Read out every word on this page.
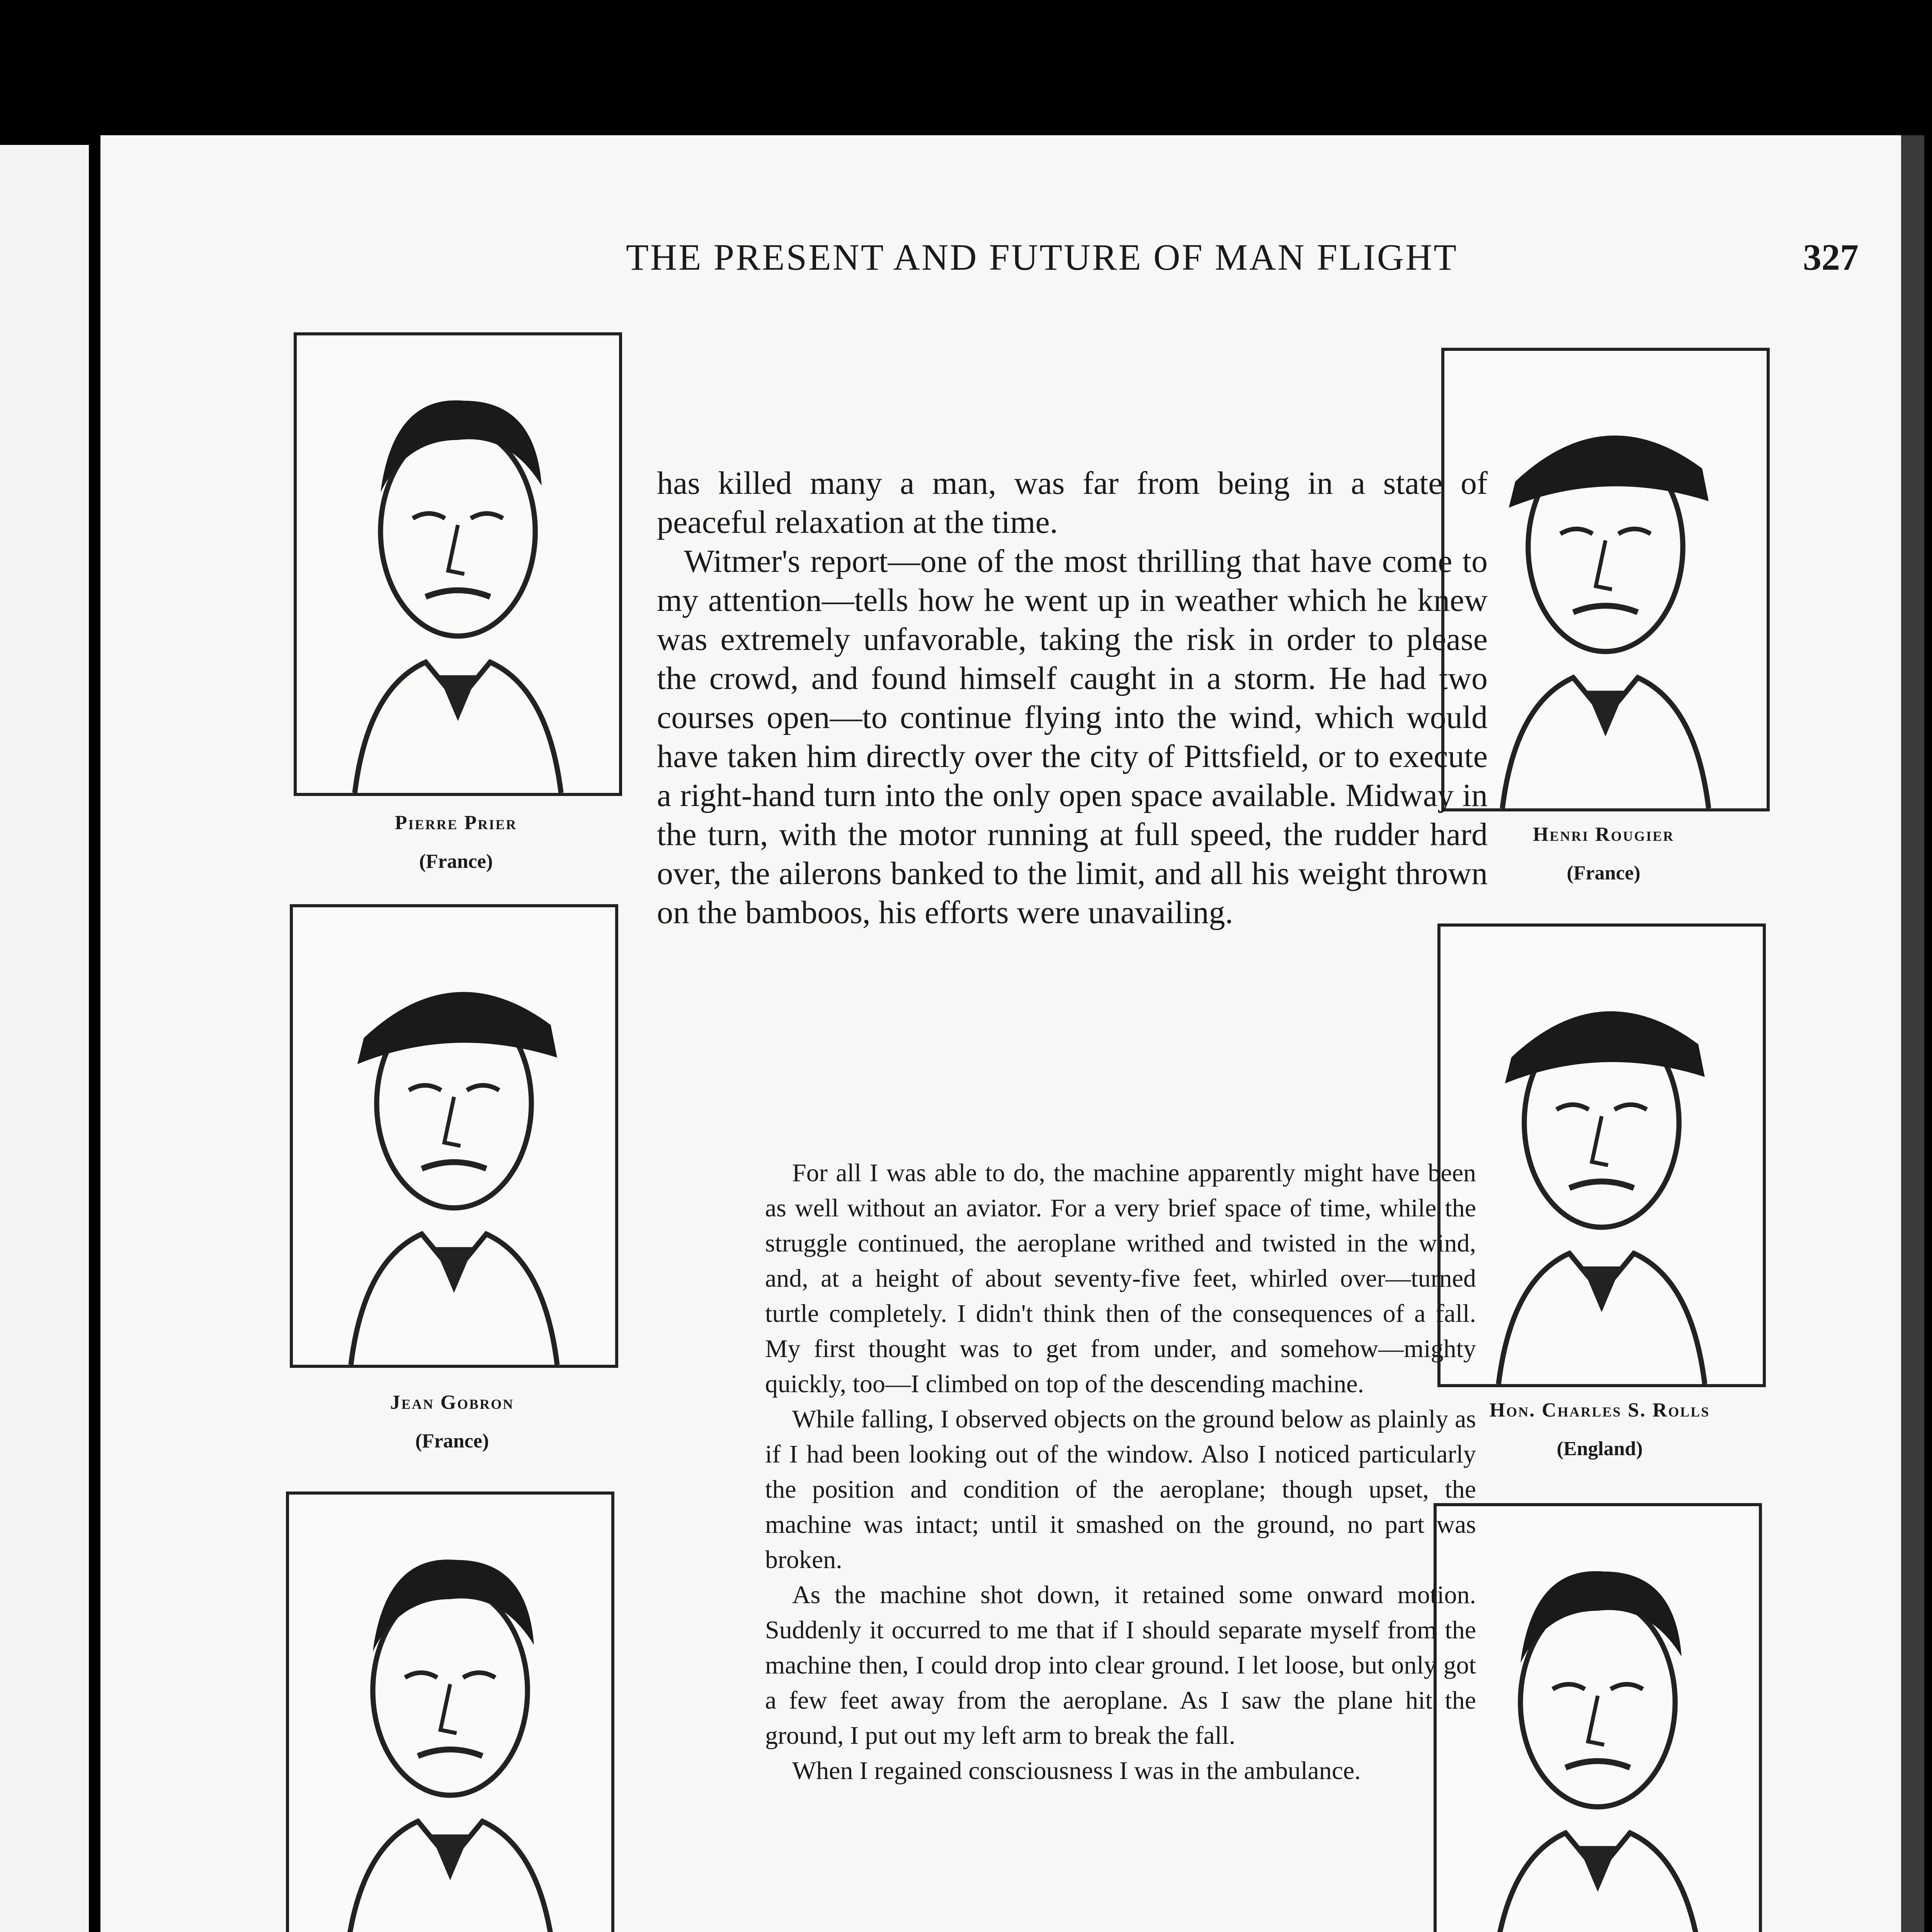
THE PRESENT AND FUTURE OF MAN FLIGHT	327
Pierre Prier
(France)
Jean Gobron
(France)
Henri Rougier
(France)
Hon. Charles S. Rolls
(England)

has killed many a man, was far from being in a state of peaceful relaxation at the time.

Witmer's report—one of the most thrilling that have come to my attention—tells how he went up in weather which he knew was extremely unfavorable, taking the risk in order to please the crowd, and found himself caught in a storm. He had two courses open—to continue flying into the wind, which would have taken him directly over the city of Pittsfield, or to execute a right-hand turn into the only open space available. Midway in the turn, with the motor running at full speed, the rudder hard over, the ailerons banked to the limit, and all his weight thrown on the bamboos, his efforts were unavailing.

For all I was able to do, the machine apparently might have been as well without an aviator. For a very brief space of time, while the struggle continued, the aeroplane writhed and twisted in the wind, and, at a height of about seventy-five feet, whirled over—turned turtle completely. I didn't think then of the consequences of a fall. My first thought was to get from under, and somehow—mighty quickly, too—I climbed on top of the descending machine.

While falling, I observed objects on the ground below as plainly as if I had been looking out of the window. Also I noticed particularly the position and condition of the aeroplane; though upset, the machine was intact; until it smashed on the ground, no part was broken.

As the machine shot down, it retained some onward motion. Suddenly it occurred to me that if I should separate myself from the machine then, I could drop into clear ground. I let loose, but only got a few feet away from the aeroplane. As I saw the plane hit the ground, I put out my left arm to break the fall.

When I regained consciousness I was in the ambulance.
